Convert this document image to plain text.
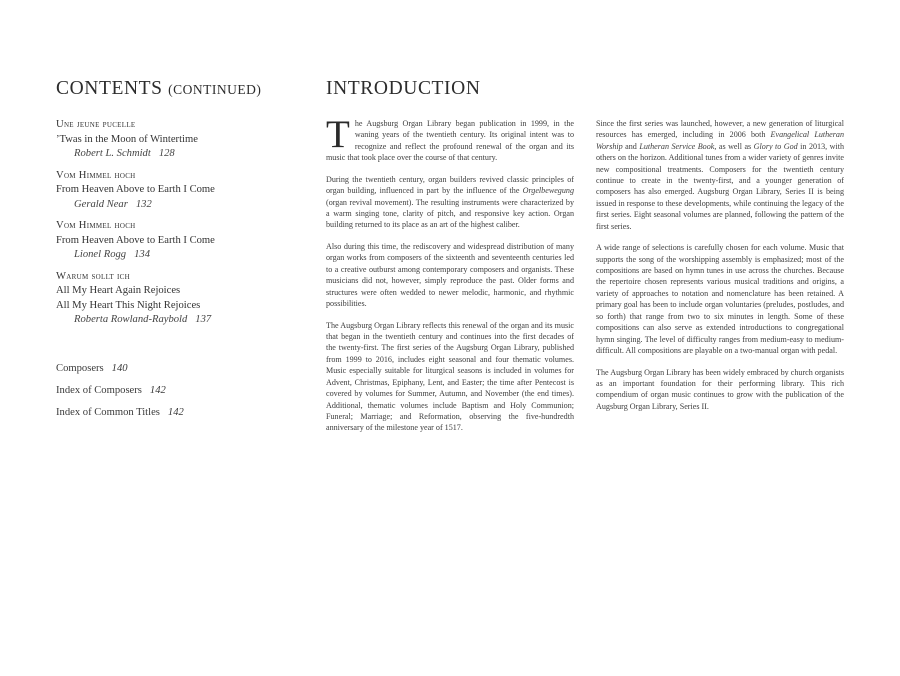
CONTENTS (CONTINUED)
Une jeune pucelle
’Twas in the Moon of Wintertime
Robert L. Schmidt 128
Vom Himmel hoch
From Heaven Above to Earth I Come
Gerald Near 132
Vom Himmel hoch
From Heaven Above to Earth I Come
Lionel Rogg 134
Warum sollt ich
All My Heart Again Rejoices
All My Heart This Night Rejoices
Roberta Rowland-Raybold 137
Composers 140
Index of Composers 142
Index of Common Titles 142
INTRODUCTION

The Augsburg Organ Library began publication in 1999, in the waning years of the twentieth century. Its original intent was to recognize and reflect the profound renewal of the organ and its music that took place over the course of that century.

During the twentieth century, organ builders revived classic principles of organ building, influenced in part by the influence of the Orgelbewegung (organ revival movement). The resulting instruments were characterized by a warm singing tone, clarity of pitch, and responsive key action. Organ building returned to its place as an art of the highest caliber.

Also during this time, the rediscovery and widespread distribution of many organ works from composers of the sixteenth and seventeenth centuries led to a creative outburst among contemporary composers and organists. These musicians did not, however, simply reproduce the past. Older forms and structures were often wedded to newer melodic, harmonic, and rhythmic possibilities.

The Augsburg Organ Library reflects this renewal of the organ and its music that began in the twentieth century and continues into the first decades of the twenty-first. The first series of the Augsburg Organ Library, published from 1999 to 2016, includes eight seasonal and four thematic volumes. Music especially suitable for liturgical seasons is included in volumes for Advent, Christmas, Epiphany, Lent, and Easter; the time after Pentecost is covered by volumes for Summer, Autumn, and November (the end times). Additional, thematic volumes include Baptism and Holy Communion; Funeral; Marriage; and Reformation, observing the five-hundredth anniversary of the milestone year of 1517.

Since the first series was launched, however, a new generation of liturgical resources has emerged, including in 2006 both Evangelical Lutheran Worship and Lutheran Service Book, as well as Glory to God in 2013, with others on the horizon. Additional tunes from a wider variety of genres invite new compositional treatments. Composers for the twentieth century continue to create in the twenty-first, and a younger generation of composers has also emerged. Augsburg Organ Library, Series II is being issued in response to these developments, while continuing the legacy of the first series. Eight seasonal volumes are planned, following the pattern of the first series.

A wide range of selections is carefully chosen for each volume. Music that supports the song of the worshipping assembly is emphasized; most of the compositions are based on hymn tunes in use across the churches. Because the repertoire chosen represents various musical traditions and origins, a variety of approaches to notation and nomenclature has been retained. A primary goal has been to include organ voluntaries (preludes, postludes, and so forth) that range from two to six minutes in length. Some of these compositions can also serve as extended introductions to congregational hymn singing. The level of difficulty ranges from medium-easy to medium-difficult. All compositions are playable on a two-manual organ with pedal.

The Augsburg Organ Library has been widely embraced by church organists as an important foundation for their performing library. This rich compendium of organ music continues to grow with the publication of the Augsburg Organ Library, Series II.
